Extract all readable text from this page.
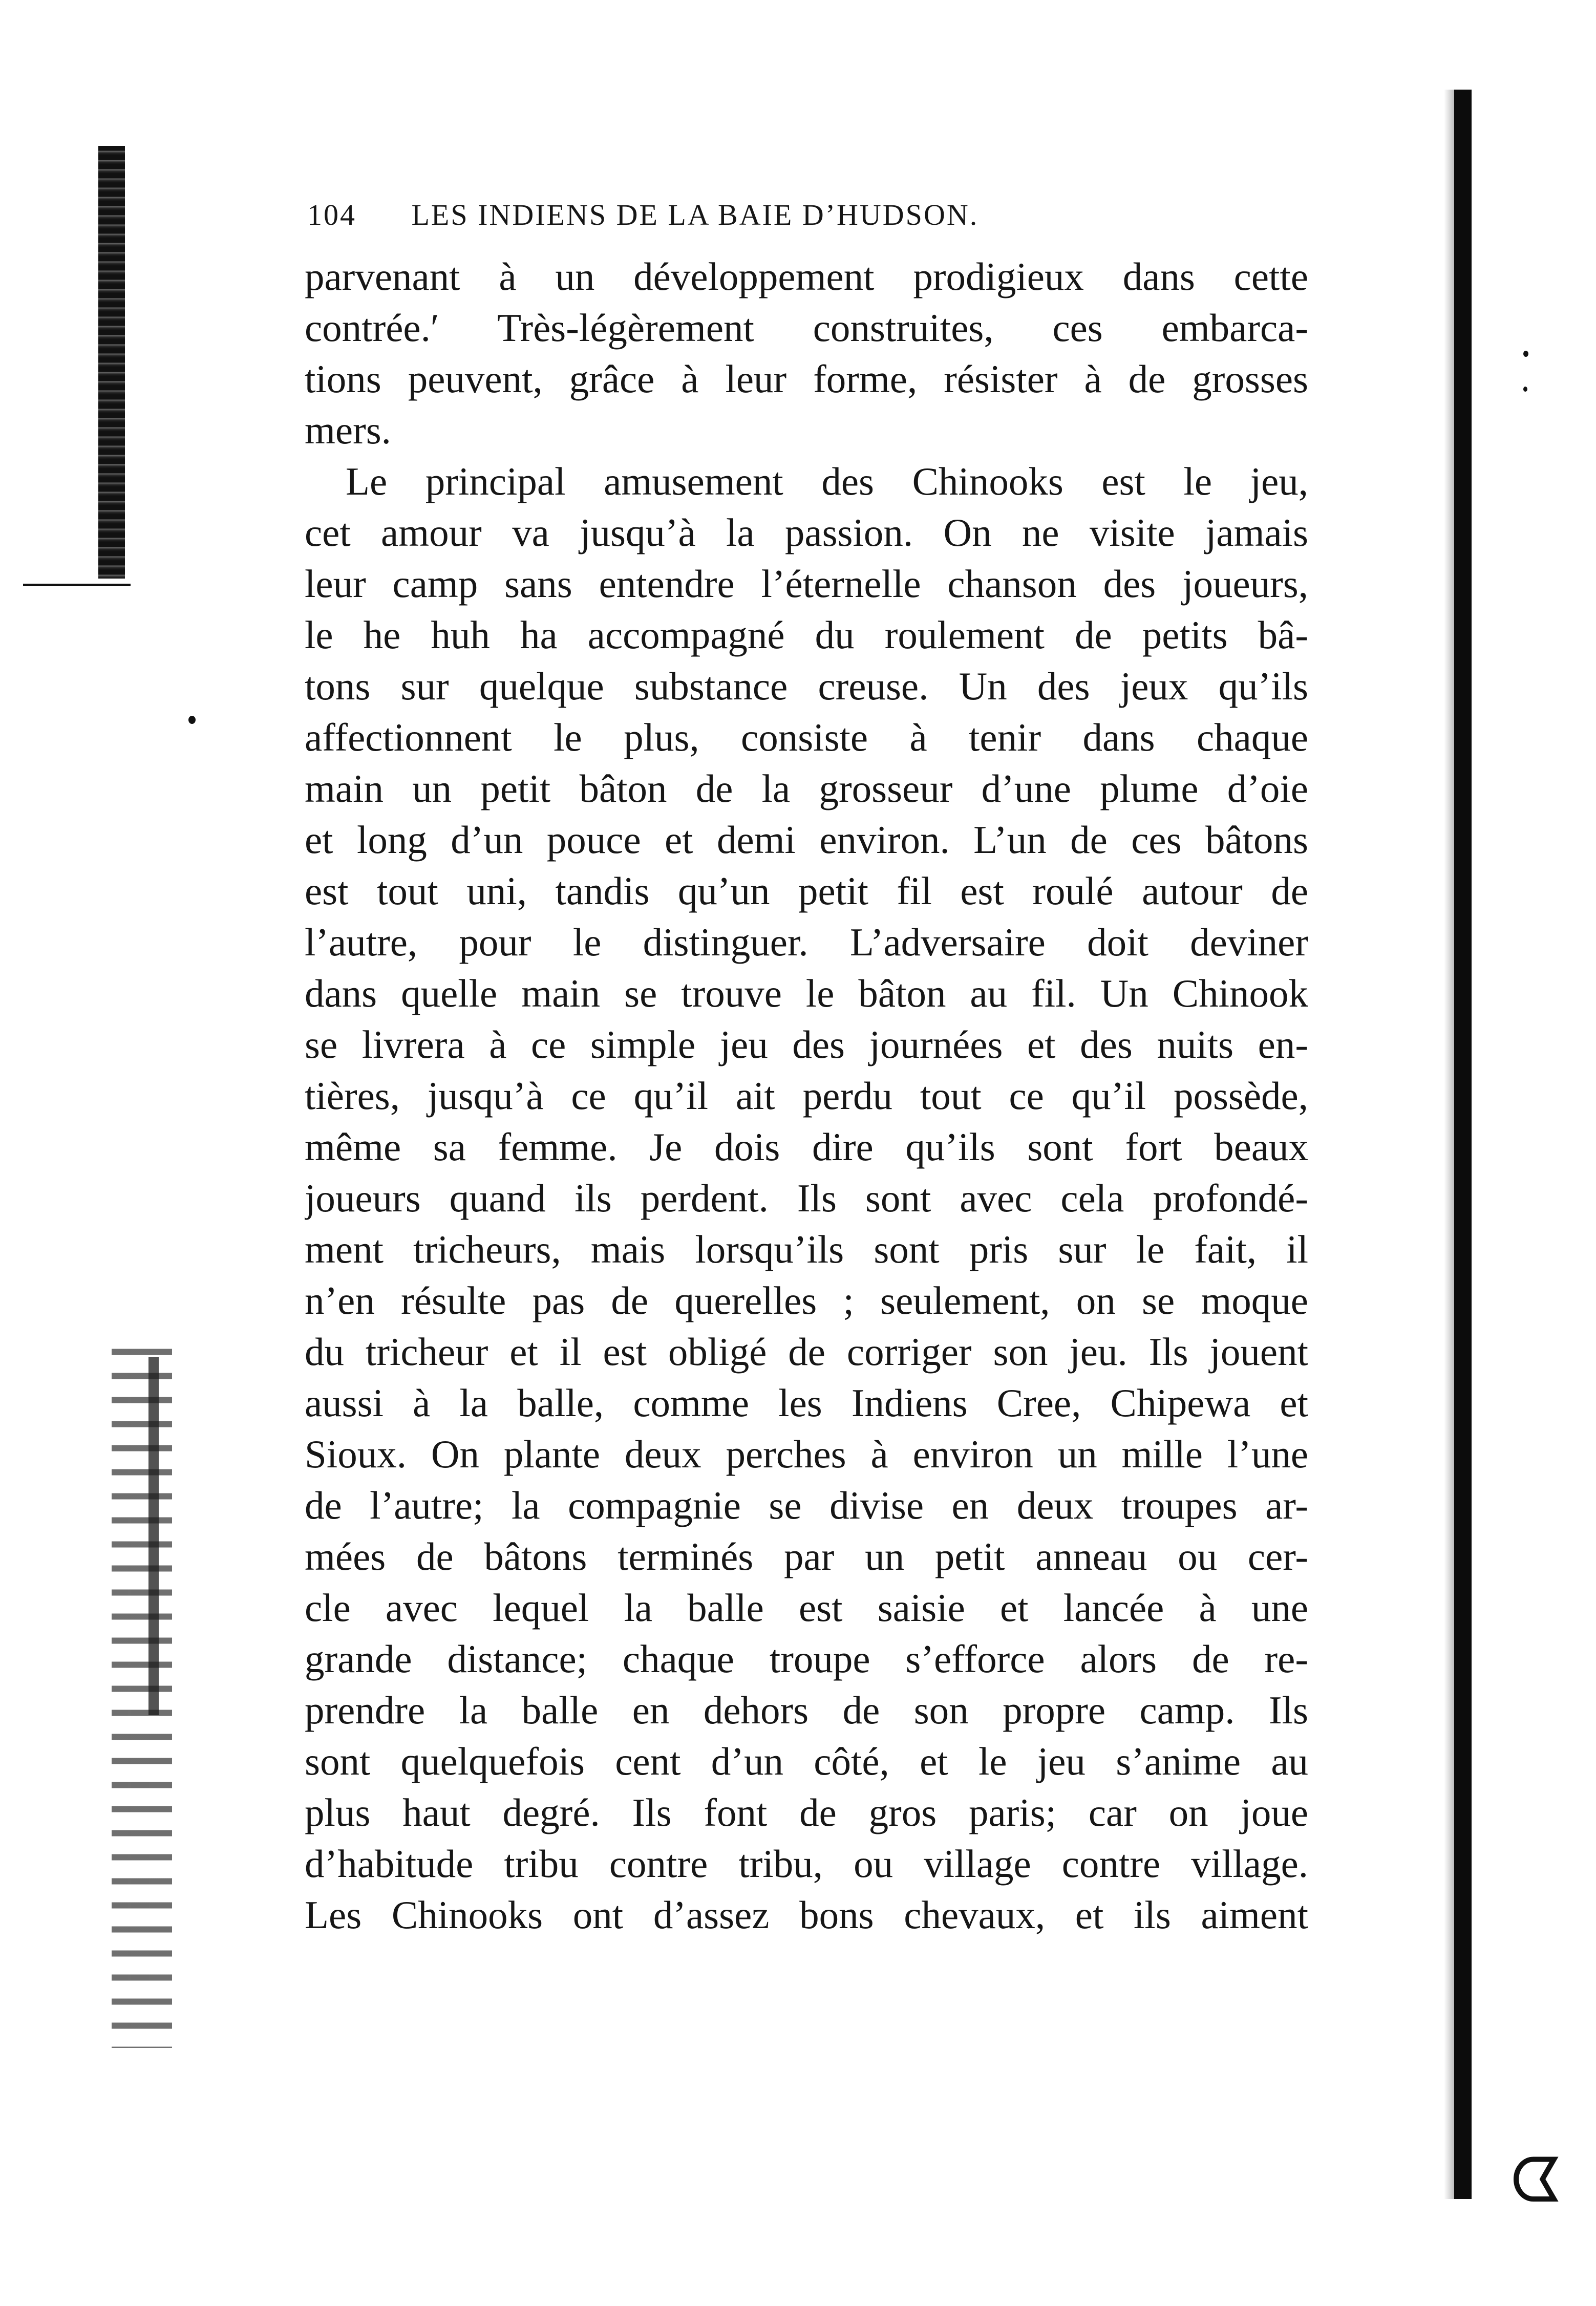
ᗧ
104 LES INDIENS DE LA BAIE D’HUDSON.
parvenant à un développement prodigieux dans cette
contrée.ʹ Très-légèrement construites, ces embarca-
tions peuvent, grâce à leur forme, résister à de grosses
mers.
Le principal amusement des Chinooks est le jeu,
cet amour va jusqu’à la passion. On ne visite jamais
leur camp sans entendre l’éternelle chanson des joueurs,
le he huh ha accompagné du roulement de petits bâ-
tons sur quelque substance creuse. Un des jeux qu’ils
affectionnent le plus, consiste à tenir dans chaque
main un petit bâton de la grosseur d’une plume d’oie
et long d’un pouce et demi environ. L’un de ces bâtons
est tout uni, tandis qu’un petit fil est roulé autour de
l’autre, pour le distinguer. L’adversaire doit deviner
dans quelle main se trouve le bâton au fil. Un Chinook
se livrera à ce simple jeu des journées et des nuits en-
tières, jusqu’à ce qu’il ait perdu tout ce qu’il possède,
même sa femme. Je dois dire qu’ils sont fort beaux
joueurs quand ils perdent. Ils sont avec cela profondé-
ment tricheurs, mais lorsqu’ils sont pris sur le fait, il
n’en résulte pas de querelles ; seulement, on se moque
du tricheur et il est obligé de corriger son jeu. Ils jouent
aussi à la balle, comme les Indiens Cree, Chipewa et
Sioux. On plante deux perches à environ un mille l’une
de l’autre; la compagnie se divise en deux troupes ar-
mées de bâtons terminés par un petit anneau ou cer-
cle avec lequel la balle est saisie et lancée à une
grande distance; chaque troupe s’efforce alors de re-
prendre la balle en dehors de son propre camp. Ils
sont quelquefois cent d’un côté, et le jeu s’anime au
plus haut degré. Ils font de gros paris; car on joue
d’habitude tribu contre tribu, ou village contre village.
Les Chinooks ont d’assez bons chevaux, et ils aiment
